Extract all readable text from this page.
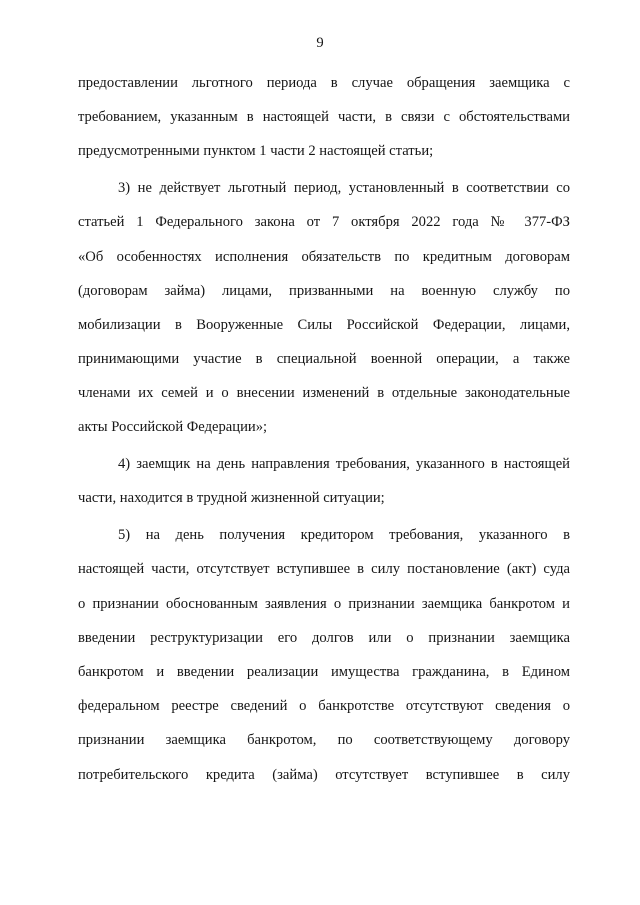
9
предоставлении льготного периода в случае обращения заемщика с
требованием, указанным в настоящей части, в связи с обстоятельствами
предусмотренными пунктом 1 части 2 настоящей статьи;
3) не действует льготный период, установленный в соответствии со
статьей 1 Федерального закона от 7 октября 2022 года № 377-ФЗ
«Об особенностях исполнения обязательств по кредитным договорам
(договорам займа) лицами, призванными на военную службу по
мобилизации в Вооруженные Силы Российской Федерации, лицами,
принимающими участие в специальной военной операции, а также
членами их семей и о внесении изменений в отдельные законодательные
акты Российской Федерации»;
4) заемщик на день направления требования, указанного в настоящей
части, находится в трудной жизненной ситуации;
5) на день получения кредитором требования, указанного в
настоящей части, отсутствует вступившее в силу постановление (акт) суда
о признании обоснованным заявления о признании заемщика банкротом и
введении реструктуризации его долгов или о признании заемщика
банкротом и введении реализации имущества гражданина, в Едином
федеральном реестре сведений о банкротстве отсутствуют сведения о
признании заемщика банкротом, по соответствующему договору
потребительского кредита (займа) отсутствует вступившее в силу
